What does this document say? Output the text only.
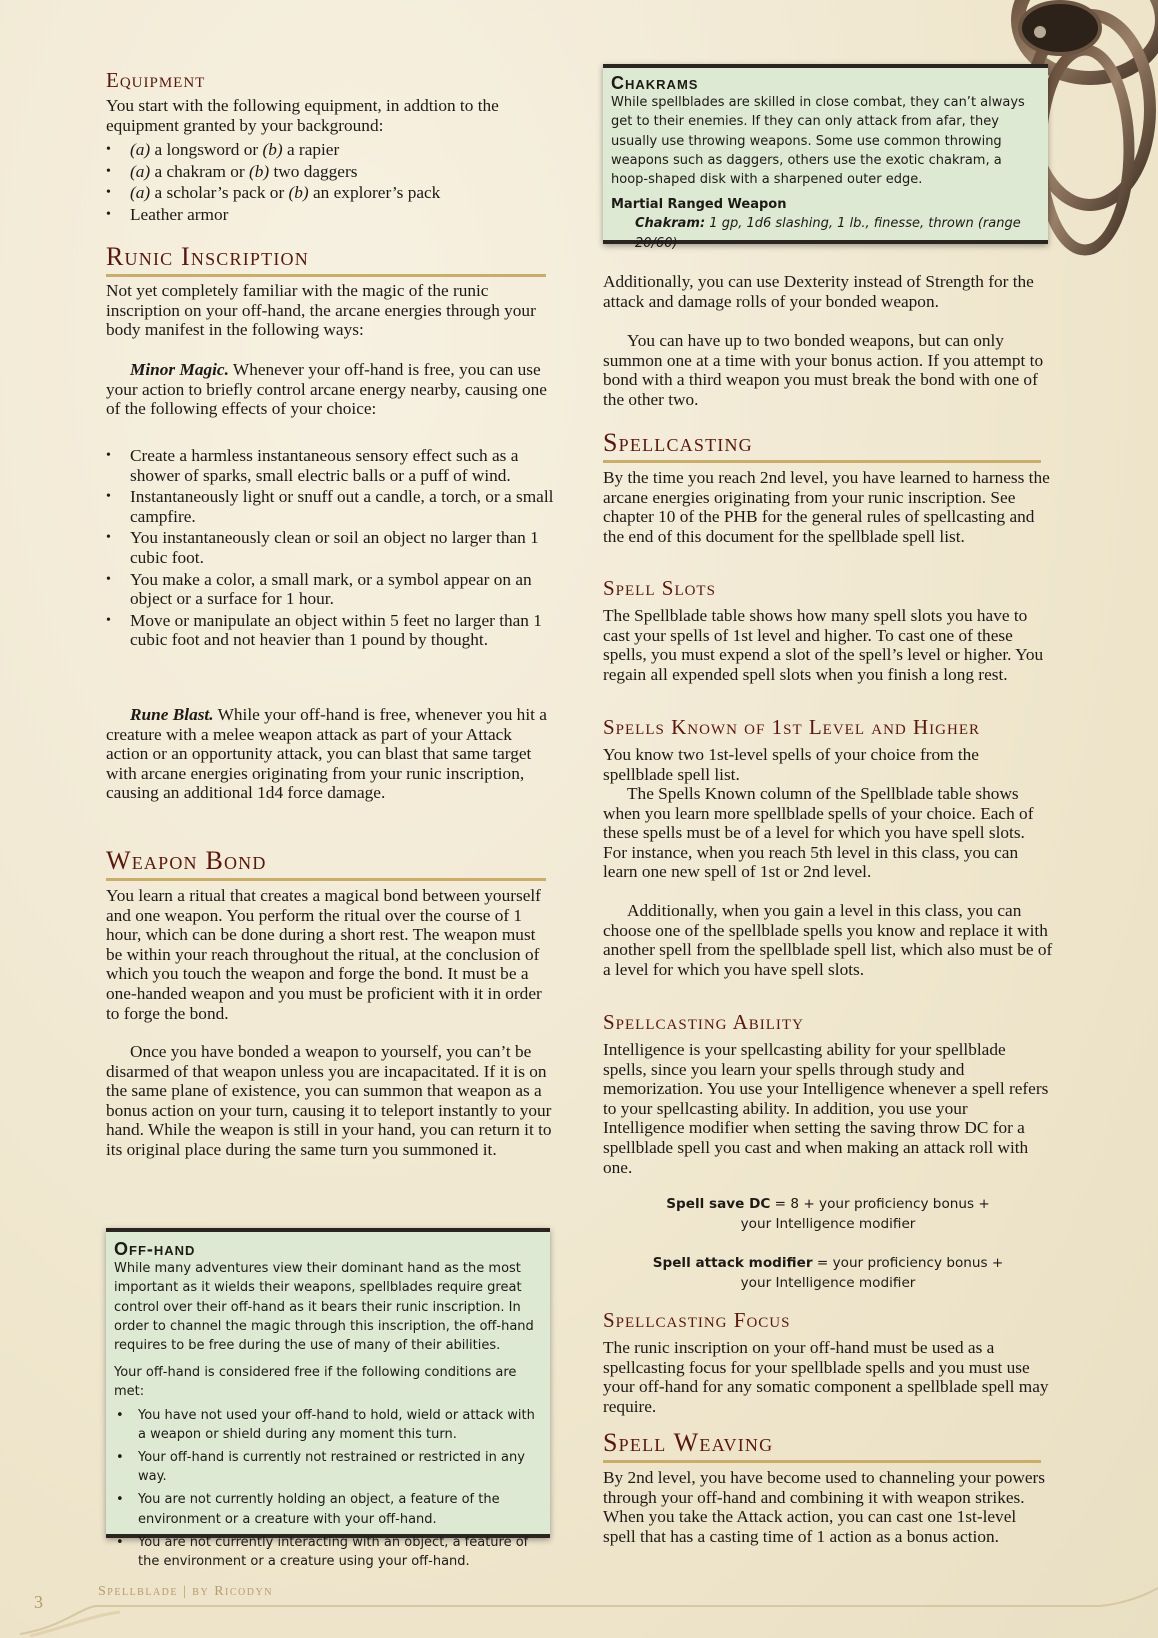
Equipment

You start with the following equipment, in addtion to the equipment granted by your background:

• (a) a longsword or (b) a rapier
• (a) a chakram or (b) two daggers
• (a) a scholar’s pack or (b) an explorer’s pack
• Leather armor
Runic Inscription

Not yet completely familiar with the magic of the runic inscription on your off-hand, the arcane energies through your body manifest in the following ways:

Minor Magic. Whenever your off-hand is free, you can use your action to briefly control arcane energy nearby, causing one of the following effects of your choice:

• Create a harmless instantaneous sensory effect such as a shower of sparks, small electric balls or a puff of wind.
• Instantaneously light or snuff out a candle, a torch, or a small campfire.
• You instantaneously clean or soil an object no larger than 1 cubic foot.
• You make a color, a small mark, or a symbol appear on an object or a surface for 1 hour.
• Move or manipulate an object within 5 feet no larger than 1 cubic foot and not heavier than 1 pound by thought.

Rune Blast. While your off-hand is free, whenever you hit a creature with a melee weapon attack as part of your Attack action or an opportunity attack, you can blast that same target with arcane energies originating from your runic inscription, causing an additional 1d4 force damage.

Weapon Bond

You learn a ritual that creates a magical bond between yourself and one weapon. You perform the ritual over the course of 1 hour, which can be done during a short rest. The weapon must be within your reach throughout the ritual, at the conclusion of which you touch the weapon and forge the bond. It must be a one-handed weapon and you must be proficient with it in order to forge the bond.

Once you have bonded a weapon to yourself, you can’t be disarmed of that weapon unless you are incapacitated. If it is on the same plane of existence, you can summon that weapon as a bonus action on your turn, causing it to teleport instantly to your hand. While the weapon is still in your hand, you can return it to its original place during the same turn you summoned it.

Off-hand
While many adventures view their dominant hand as the most important as it wields their weapons, spellblades require great control over their off-hand as it bears their runic inscription. In order to channel the magic through this inscription, the off-hand requires to be free during the use of many of their abilities.
Your off-hand is considered free if the following conditions are met:
• You have not used your off-hand to hold, wield or attack with a weapon or shield during any moment this turn.
• Your off-hand is currently not restrained or restricted in any way.
• You are not currently holding an object, a feature of the environment or a creature with your off-hand.
• You are not currently interacting with an object, a feature of the environment or a creature using your off-hand.
Chakrams
While spellblades are skilled in close combat, they can’t always get to their enemies. If they can only attack from afar, they usually use throwing weapons. Some use common throwing weapons such as daggers, others use the exotic chakram, a hoop-shaped disk with a sharpened outer edge.
Martial Ranged Weapon
Chakram: 1 gp, 1d6 slashing, 1 lb., finesse, thrown (range 20/60)

Additionally, you can use Dexterity instead of Strength for the attack and damage rolls of your bonded weapon.

You can have up to two bonded weapons, but can only summon one at a time with your bonus action. If you attempt to bond with a third weapon you must break the bond with one of the other two.

Spellcasting

By the time you reach 2nd level, you have learned to harness the arcane energies originating from your runic inscription. See chapter 10 of the PHB for the general rules of spellcasting and the end of this document for the spellblade spell list.

Spell Slots

The Spellblade table shows how many spell slots you have to cast your spells of 1st level and higher. To cast one of these spells, you must expend a slot of the spell’s level or higher. You regain all expended spell slots when you finish a long rest.

Spells Known of 1st Level and Higher

You know two 1st-level spells of your choice from the spellblade spell list.

The Spells Known column of the Spellblade table shows when you learn more spellblade spells of your choice. Each of these spells must be of a level for which you have spell slots. For instance, when you reach 5th level in this class, you can learn one new spell of 1st or 2nd level.

Additionally, when you gain a level in this class, you can choose one of the spellblade spells you know and replace it with another spell from the spellblade spell list, which also must be of a level for which you have spell slots.

Spellcasting Ability

Intelligence is your spellcasting ability for your spellblade spells, since you learn your spells through study and memorization. You use your Intelligence whenever a spell refers to your spellcasting ability. In addition, you use your Intelligence modifier when setting the saving throw DC for a spellblade spell you cast and when making an attack roll with one.

Spell save DC = 8 + your proficiency bonus +
your Intelligence modifier
Spell attack modifier = your proficiency bonus +
your Intelligence modifier
Spellcasting Focus

The runic inscription on your off-hand must be used as a spellcasting focus for your spellblade spells and you must use your off-hand for any somatic component a spellblade spell may require.

Spell Weaving

By 2nd level, you have become used to channeling your powers through your off-hand and combining it with weapon strikes. When you take the Attack action, you can cast one 1st-level spell that has a casting time of 1 action as a bonus action.

Spellblade | by Ricodyn
3
